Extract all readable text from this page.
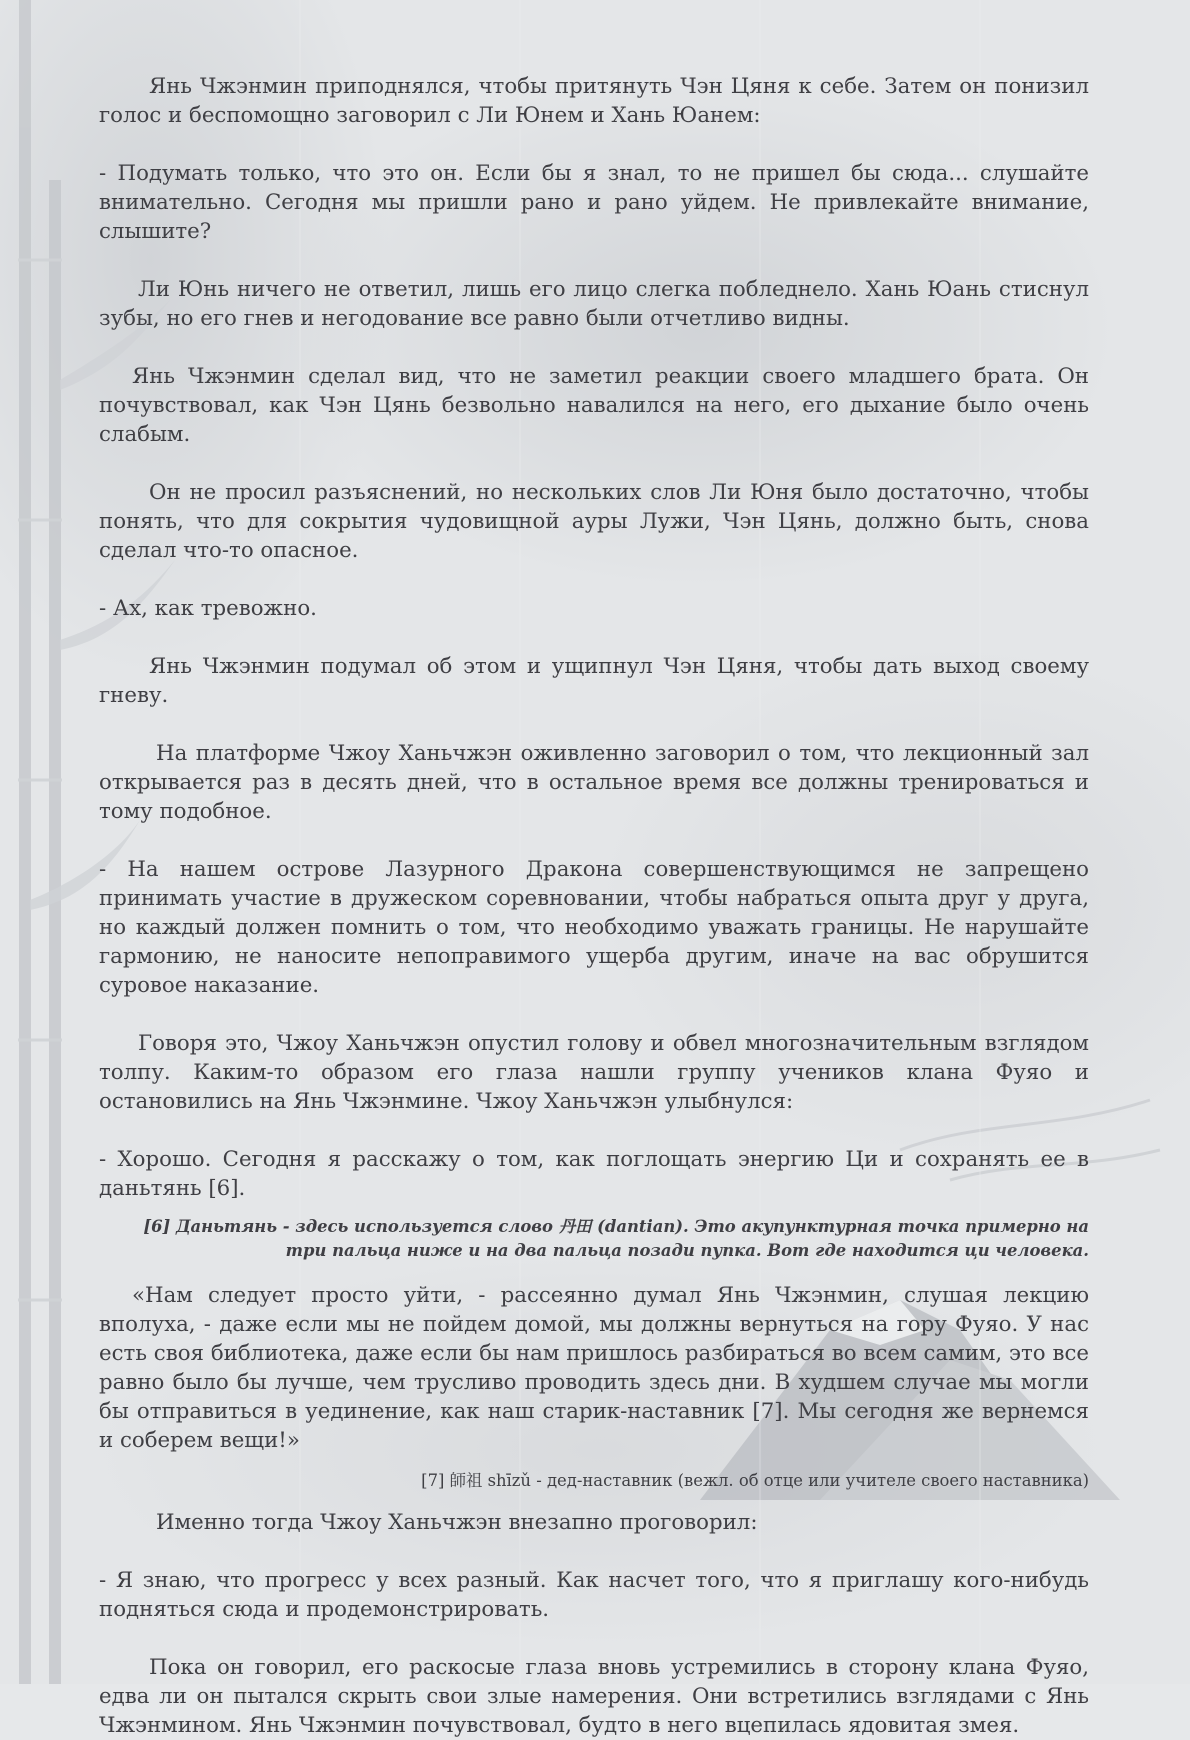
Янь Чжэнмин приподнялся, чтобы притянуть Чэн Цяня к себе. Затем он понизил голос и беспомощно заговорил с Ли Юнем и Хань Юанем:

- Подумать только, что это он. Если бы я знал, то не пришел бы сюда... слушайте внимательно. Сегодня мы пришли рано и рано уйдем. Не привлекайте внимание, слышите?

Ли Юнь ничего не ответил, лишь его лицо слегка побледнело. Хань Юань стиснул зубы, но его гнев и негодование все равно были отчетливо видны.

Янь Чжэнмин сделал вид, что не заметил реакции своего младшего брата. Он почувствовал, как Чэн Цянь безвольно навалился на него, его дыхание было очень слабым.

Он не просил разъяснений, но нескольких слов Ли Юня было достаточно, чтобы понять, что для сокрытия чудовищной ауры Лужи, Чэн Цянь, должно быть, снова сделал что-то опасное.

- Ах, как тревожно.

Янь Чжэнмин подумал об этом и ущипнул Чэн Цяня, чтобы дать выход своему гневу.

На платформе Чжоу Ханьчжэн оживленно заговорил о том, что лекционный зал открывается раз в десять дней, что в остальное время все должны тренироваться и тому подобное.

- На нашем острове Лазурного Дракона совершенствующимся не запрещено принимать участие в дружеском соревновании, чтобы набраться опыта друг у друга, но каждый должен помнить о том, что необходимо уважать границы. Не нарушайте гармонию, не наносите непоправимого ущерба другим, иначе на вас обрушится суровое наказание.

Говоря это, Чжоу Ханьчжэн опустил голову и обвел многозначительным взглядом толпу. Каким-то образом его глаза нашли группу учеников клана Фуяо и остановились на Янь Чжэнмине. Чжоу Ханьчжэн улыбнулся:

- Хорошо. Сегодня я расскажу о том, как поглощать энергию Ци и сохранять ее в даньтянь [6].

[6] Даньтянь - здесь используется слово 丹田 (dantian). Это акупунктурная точка примерно на три пальца ниже и на два пальца позади пупка. Вот где находится ци человека.

«Нам следует просто уйти, - рассеянно думал Янь Чжэнмин, слушая лекцию вполуха, - даже если мы не пойдем домой, мы должны вернуться на гору Фуяо. У нас есть своя библиотека, даже если бы нам пришлось разбираться во всем самим, это все равно было бы лучше, чем трусливо проводить здесь дни. В худшем случае мы могли бы отправиться в уединение, как наш старик-наставник [7]. Мы сегодня же вернемся и соберем вещи!»

[7] 師祖 shīzǔ - дед-наставник (вежл. об отце или учителе своего наставника)

Именно тогда Чжоу Ханьчжэн внезапно проговорил:

- Я знаю, что прогресс у всех разный. Как насчет того, что я приглашу кого-нибудь подняться сюда и продемонстрировать.

Пока он говорил, его раскосые глаза вновь устремились в сторону клана Фуяо, едва ли он пытался скрыть свои злые намерения. Они встретились взглядами с Янь Чжэнмином. Янь Чжэнмин почувствовал, будто в него вцепилась ядовитая змея.
